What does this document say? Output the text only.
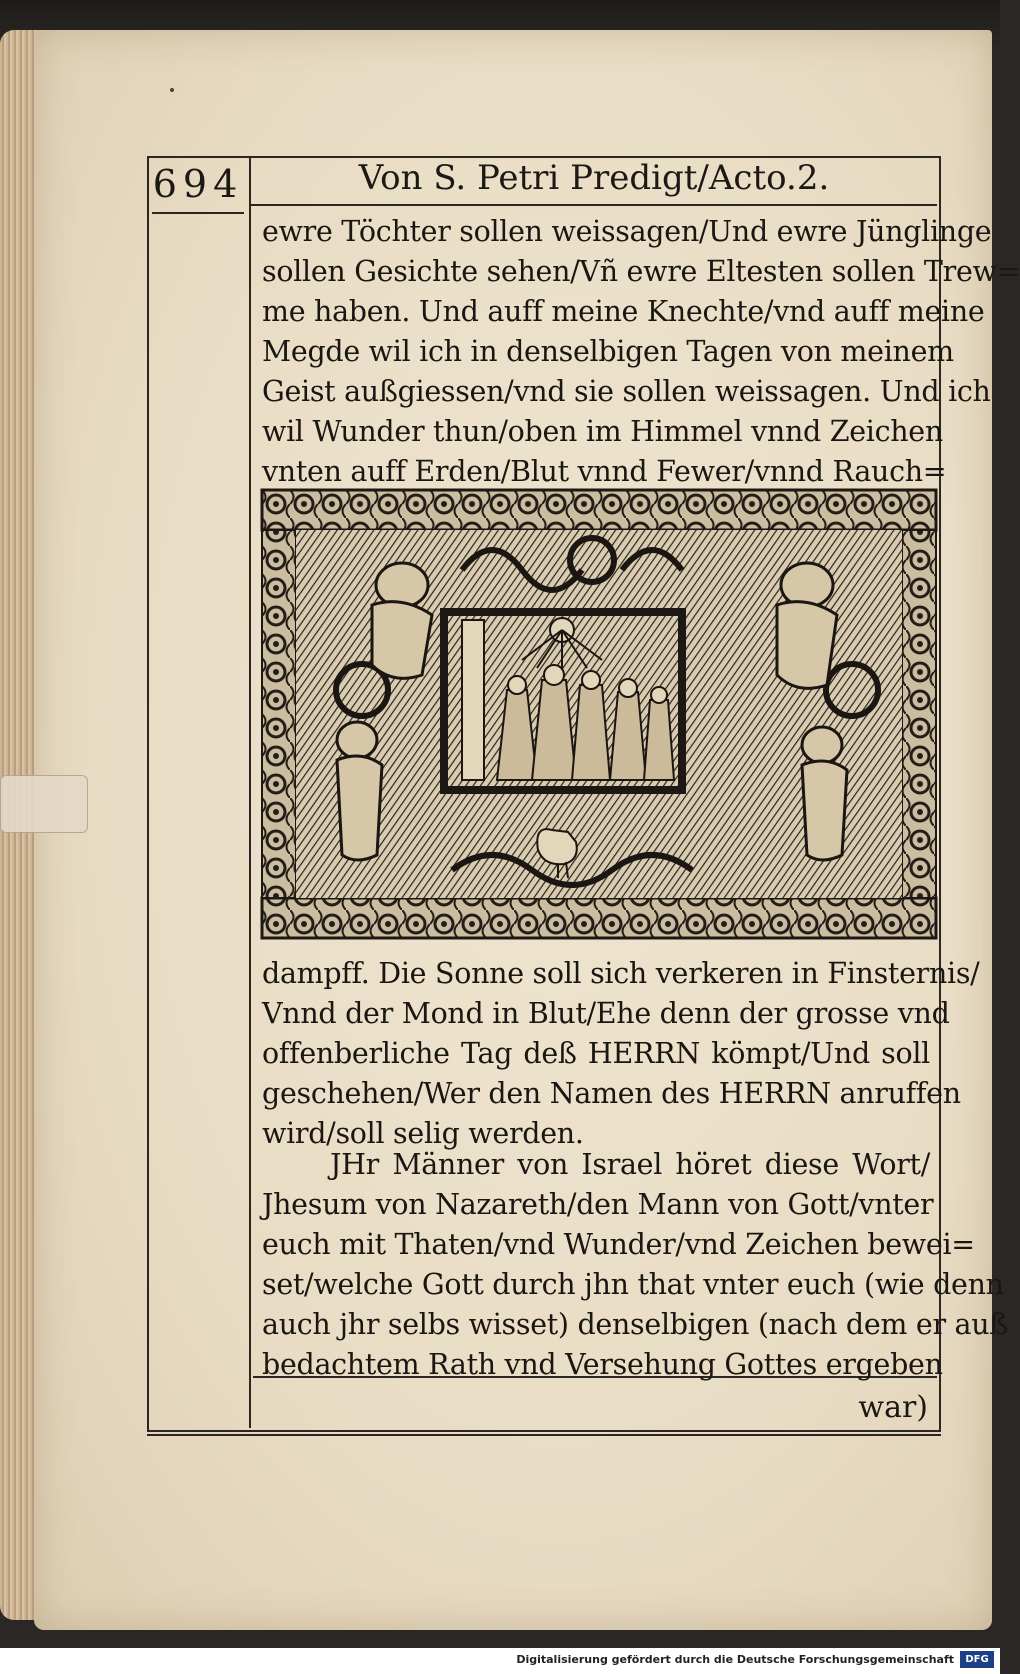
694	Von S. Petri Predigt/Acto.2.
ewre Töchter sollen weissagen/Und ewre Jünglinge
sollen Gesichte sehen/Vñ ewre Eltesten sollen Trew=
me haben. Und auff meine Knechte/vnd auff meine
Megde wil ich in denselbigen Tagen von meinem
Geist außgiessen/vnd sie sollen weissagen. Und ich
wil Wunder thun/oben im Himmel vnnd Zeichen
vnten auff Erden/Blut vnnd Fewer/vnnd Rauch=
dampff. Die Sonne soll sich verkeren in Finsternis/
Vnnd der Mond in Blut/Ehe denn der grosse vnd
offenberliche Tag deß HERRN kömpt/Und soll
geschehen/Wer den Namen des HERRN anruffen
wird/soll selig werden.
JHr Männer von Israel höret diese Wort/
Jhesum von Nazareth/den Mann von Gott/vnter
euch mit Thaten/vnd Wunder/vnd Zeichen bewei=
set/welche Gott durch jhn that vnter euch (wie denn
auch jhr selbs wisset) denselbigen (nach dem er auß
bedachtem Rath vnd Versehung Gottes ergeben
war)
Digitalisierung gefördert durch die Deutsche Forschungsgemeinschaft	DFG
